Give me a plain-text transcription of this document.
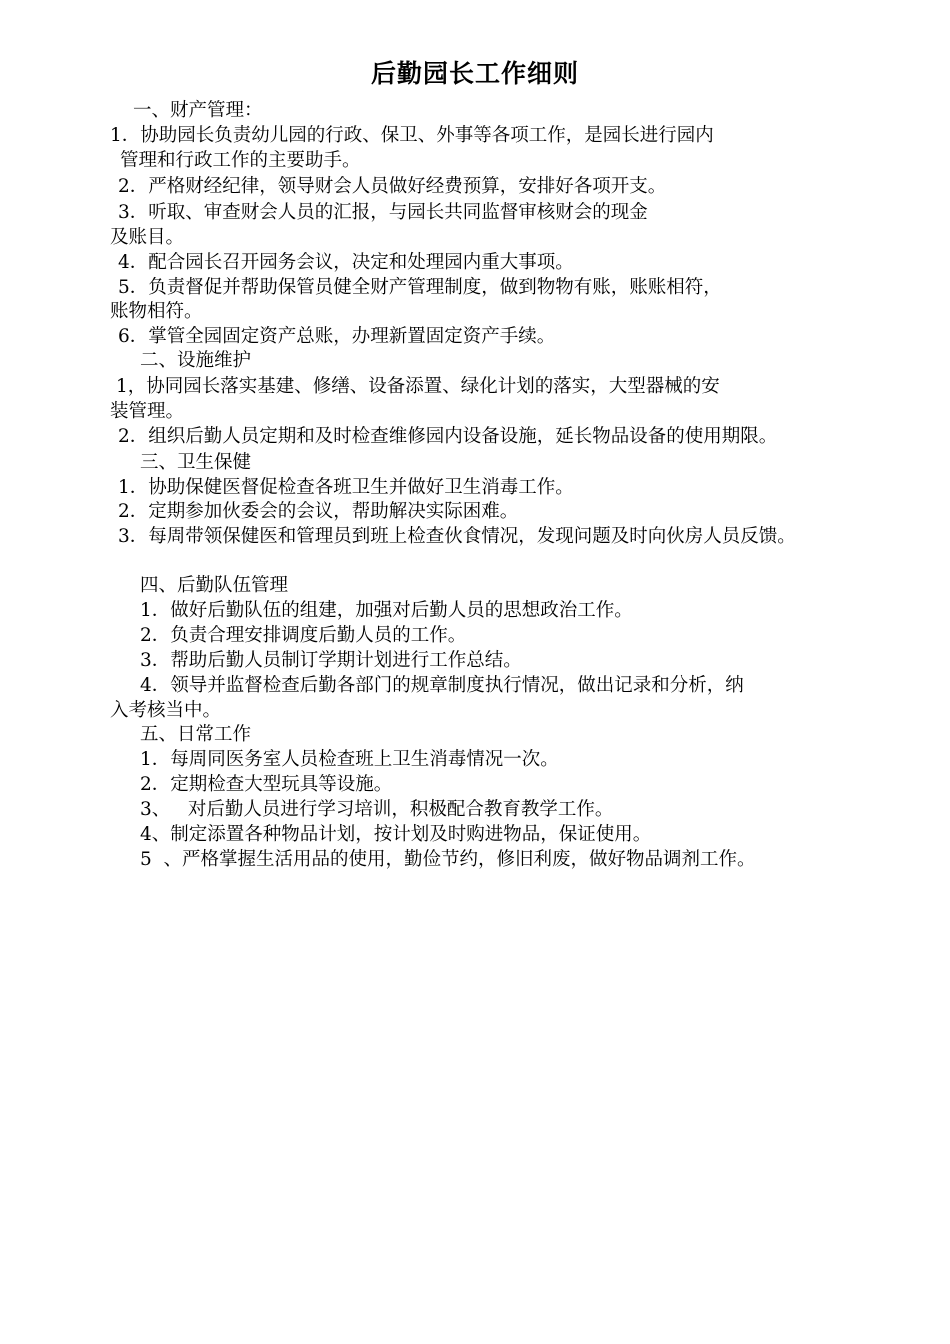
后勤园长工作细则
一、财产管理：
1．协助园长负责幼儿园的行政、保卫、外事等各项工作，是园长进行园内
管理和行政工作的主要助手。
2．严格财经纪律，领导财会人员做好经费预算，安排好各项开支。
3．听取、审查财会人员的汇报，与园长共同监督审核财会的现金
及账目。
4．配合园长召开园务会议，决定和处理园内重大事项。
5．负责督促并帮助保管员健全财产管理制度，做到物物有账，账账相符，
账物相符。
6．掌管全园固定资产总账，办理新置固定资产手续。
二、设施维护
1，协同园长落实基建、修缮、设备添置、绿化计划的落实，大型器械的安
装管理。
2．组织后勤人员定期和及时检查维修园内设备设施，延长物品设备的使用期限。
三、卫生保健
1．协助保健医督促检查各班卫生并做好卫生消毒工作。
2．定期参加伙委会的会议，帮助解决实际困难。
3．每周带领保健医和管理员到班上检查伙食情况，发现问题及时向伙房人员反馈。
四、后勤队伍管理
1．做好后勤队伍的组建，加强对后勤人员的思想政治工作。
2．负责合理安排调度后勤人员的工作。
3．帮助后勤人员制订学期计划进行工作总结。
4．领导并监督检查后勤各部门的规章制度执行情况，做出记录和分析，纳
入考核当中。
五、日常工作
1．每周同医务室人员检查班上卫生消毒情况一次。
2．定期检查大型玩具等设施。
3、   对后勤人员进行学习培训，积极配合教育教学工作。
4、制定添置各种物品计划，按计划及时购进物品，保证使用。
5  、严格掌握生活用品的使用，勤俭节约，修旧利废，做好物品调剂工作。
